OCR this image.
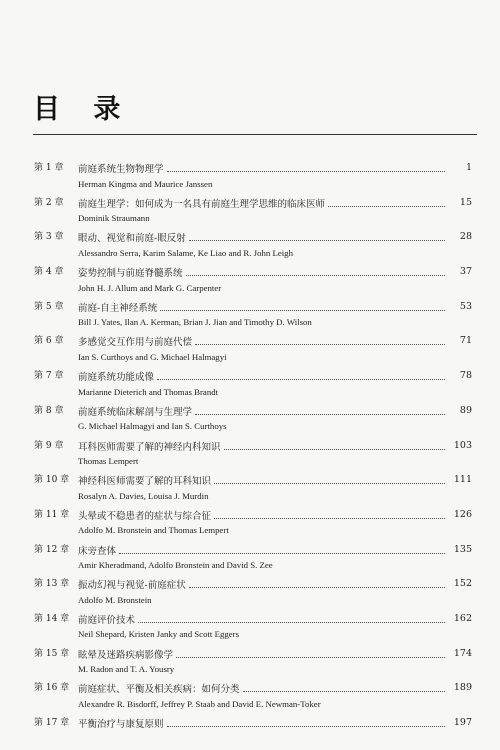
目 录
第 1 章 前庭系统生物物理学	1
Herman Kingma and Maurice Janssen
第 2 章 前庭生理学：如何成为一名具有前庭生理学思维的临床医师	15
Dominik Straumann
第 3 章 眼动、视觉和前庭-眼反射	28
Alessandro Serra, Karim Salame, Ke Liao and R. John Leigh
第 4 章 姿势控制与前庭脊髓系统	37
John H. J. Allum and Mark G. Carpenter
第 5 章 前庭-自主神经系统	53
Bill J. Yates, Ilan A. Kerman, Brian J. Jian and Timothy D. Wilson
第 6 章 多感觉交互作用与前庭代偿	71
Ian S. Curthoys and G. Michael Halmagyi
第 7 章 前庭系统功能成像	78
Marianne Dieterich and Thomas Brandt
第 8 章 前庭系统临床解剖与生理学	89
G. Michael Halmagyi and Ian S. Curthoys
第 9 章 耳科医师需要了解的神经内科知识	103
Thomas Lempert
第 10 章 神经科医师需要了解的耳科知识	111
Rosalyn A. Davies, Louisa J. Murdin
第 11 章 头晕或不稳患者的症状与综合征	126
Adolfo M. Bronstein and Thomas Lempert
第 12 章 床旁查体	135
Amir Kheradmand, Adolfo Bronstein and David S. Zee
第 13 章 振动幻视与视觉-前庭症状	152
Adolfo M. Bronstein
第 14 章 前庭评价技术	162
Neil Shepard, Kristen Janky and Scott Eggers
第 15 章 眩晕及迷路疾病影像学	174
M. Radon and T. A. Yousry
第 16 章 前庭症状、平衡及相关疾病：如何分类	189
Alexandre R. Bisdorff, Jeffrey P. Staab and David E. Newman-Toker
第 17 章 平衡治疗与康复原则	197
